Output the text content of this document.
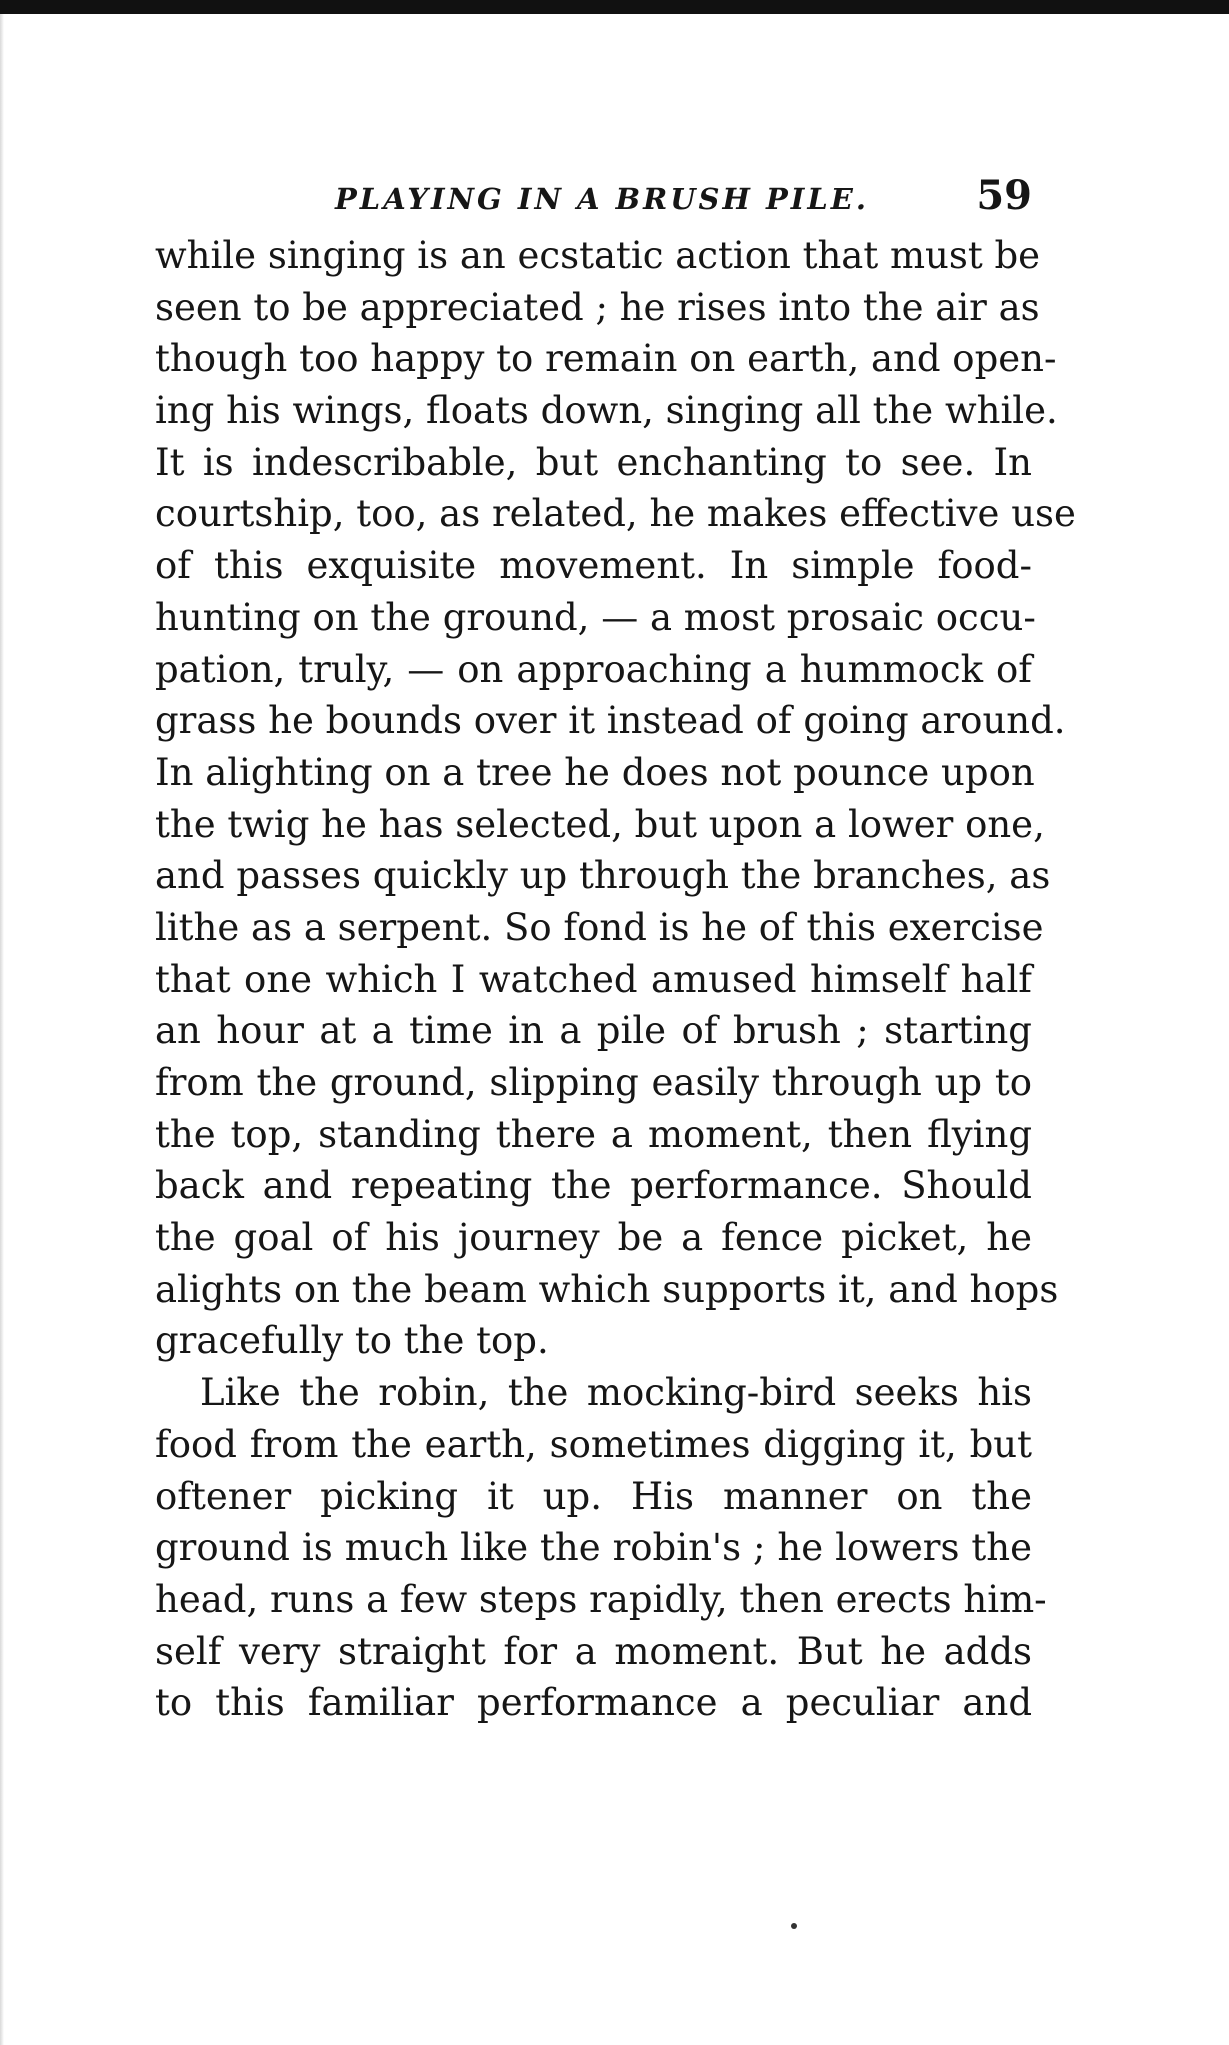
PLAYING IN A BRUSH PILE.	59
while singing is an ecstatic action that must be
seen to be appreciated ; he rises into the air as
though too happy to remain on earth, and open-
ing his wings, floats down, singing all the while.
It is indescribable, but enchanting to see. In
courtship, too, as related, he makes effective use
of this exquisite movement. In simple food-
hunting on the ground, — a most prosaic occu-
pation, truly, — on approaching a hummock of
grass he bounds over it instead of going around.
In alighting on a tree he does not pounce upon
the twig he has selected, but upon a lower one,
and passes quickly up through the branches, as
lithe as a serpent. So fond is he of this exercise
that one which I watched amused himself half
an hour at a time in a pile of brush ; starting
from the ground, slipping easily through up to
the top, standing there a moment, then flying
back and repeating the performance. Should
the goal of his journey be a fence picket, he
alights on the beam which supports it, and hops
gracefully to the top.
Like the robin, the mocking-bird seeks his
food from the earth, sometimes digging it, but
oftener picking it up. His manner on the
ground is much like the robin's ; he lowers the
head, runs a few steps rapidly, then erects him-
self very straight for a moment. But he adds
to this familiar performance a peculiar and
